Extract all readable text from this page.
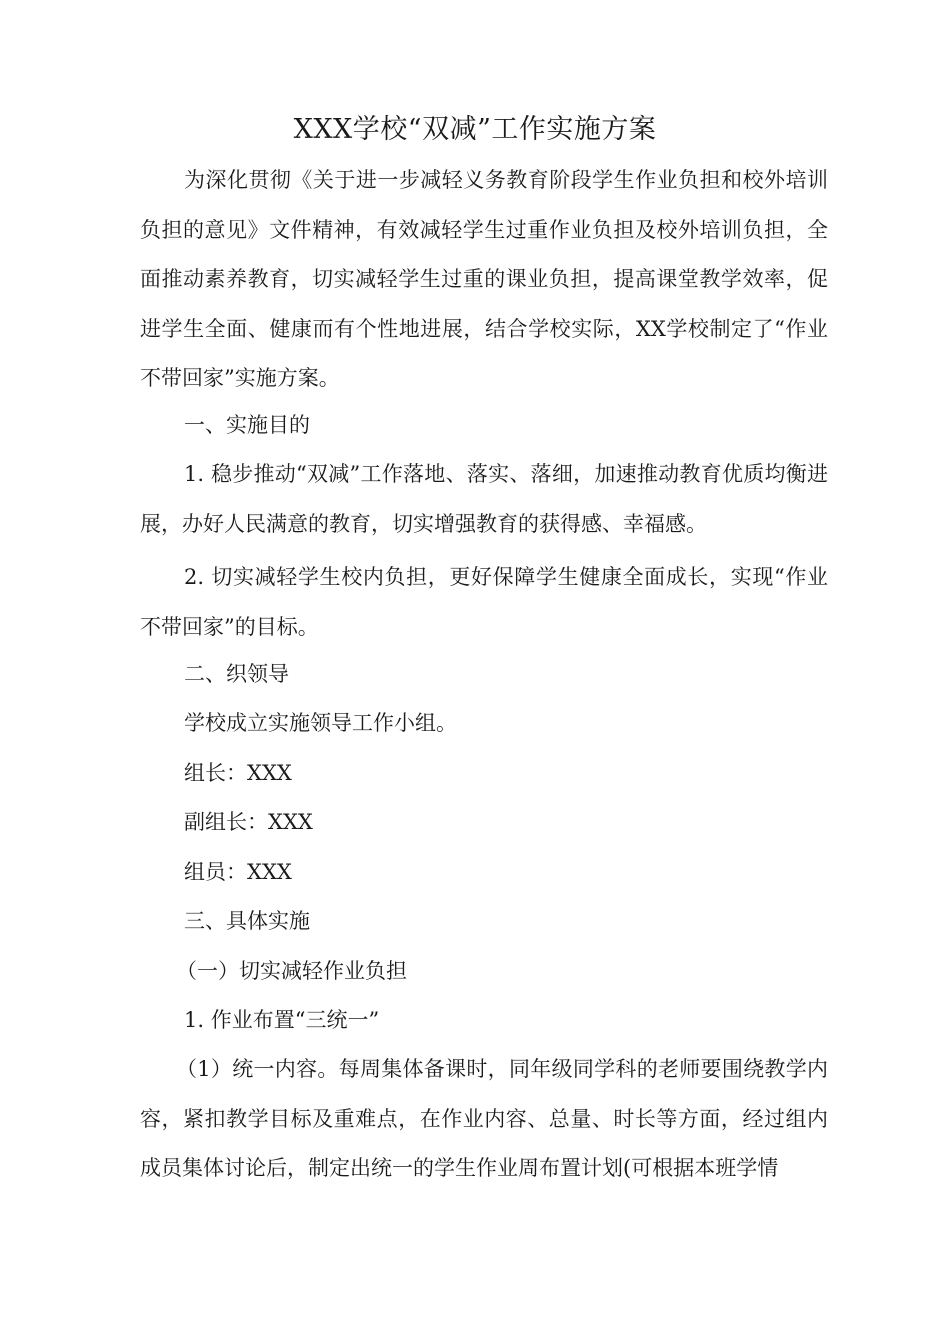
XXX学校“双减”工作实施方案

为深化贯彻《关于进一步减轻义务教育阶段学生作业负担和校外培训负担的意见》文件精神，有效减轻学生过重作业负担及校外培训负担，全面推动素养教育，切实减轻学生过重的课业负担，提高课堂教学效率，促进学生全面、健康而有个性地进展，结合学校实际，XX学校制定了“作业不带回家”实施方案。

一、实施目的

1. 稳步推动“双减”工作落地、落实、落细，加速推动教育优质均衡进展，办好人民满意的教育，切实增强教育的获得感、幸福感。

2. 切实减轻学生校内负担，更好保障学生健康全面成长，实现“作业不带回家”的目标。

二、织领导

学校成立实施领导工作小组。

组长：XXX

副组长：XXX

组员：XXX

三、具体实施

（一）切实减轻作业负担

1. 作业布置“三统一”

（1）统一内容。每周集体备课时，同年级同学科的老师要围绕教学内容，紧扣教学目标及重难点，在作业内容、总量、时长等方面，经过组内成员集体讨论后，制定出统一的学生作业周布置计划(可根据本班学情
